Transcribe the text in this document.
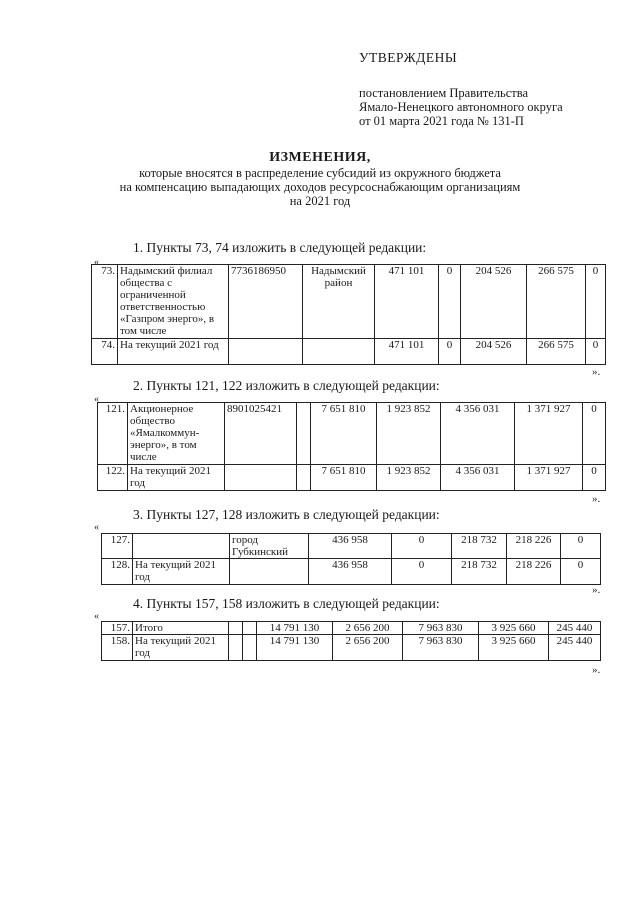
УТВЕРЖДЕНЫ
постановлением Правительства
Ямало-Ненецкого автономного округа
от 01 марта 2021 года № 131-П
ИЗМЕНЕНИЯ,
которые вносятся в распределение субсидий из окружного бюджета
на компенсацию выпадающих доходов ресурсоснабжающим организациям
на 2021 год
1. Пункты 73, 74 изложить в следующей редакции:
«
73.	Надымский филиал общества с ограниченной ответственностью «Газпром энерго», в том числе	7736186950	Надымский район	471 101	0	204 526	266 575	0
74.	На текущий 2021 год			471 101	0	204 526	266 575	0
».
2. Пункты 121, 122 изложить в следующей редакции:
«
121.	Акционерное общество «Ямалкоммун-энерго», в том числе	8901025421		7 651 810	1 923 852	4 356 031	1 371 927	0
122.	На текущий 2021 год			7 651 810	1 923 852	4 356 031	1 371 927	0
».
3. Пункты 127, 128 изложить в следующей редакции:
«
127.		город Губкинский	436 958	0	218 732	218 226	0
128.	На текущий 2021 год		436 958	0	218 732	218 226	0
».
4. Пункты 157, 158 изложить в следующей редакции:
«
157.	Итого			14 791 130	2 656 200	7 963 830	3 925 660	245 440
158.	На текущий 2021 год			14 791 130	2 656 200	7 963 830	3 925 660	245 440
».
